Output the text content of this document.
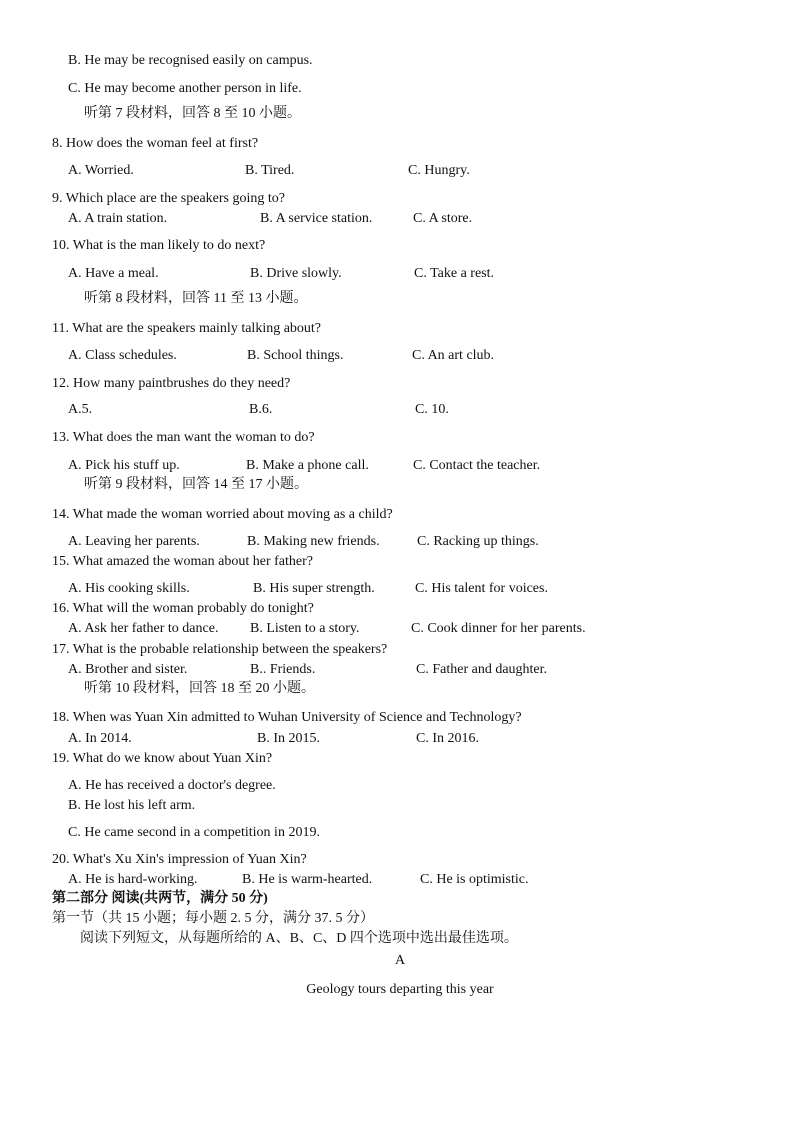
B. He may be recognised easily on campus.
C. He may become another person in life.
听第 7 段材料，回答 8 至 10 小题。
8. How does the woman feel at first?
A. Worried.	B. Tired.	C. Hungry.
9. Which place are the speakers going to?
A. A train station.	B. A service station.	C. A store.
10. What is the man likely to do next?
A. Have a meal.	B. Drive slowly.	C. Take a rest.
听第 8 段材料，回答 11 至 13 小题。
11. What are the speakers mainly talking about?
A. Class schedules.	B. School things.	C. An art club.
12. How many paintbrushes do they need?
A.5.	B.6.	C. 10.
13. What does the man want the woman to do?
A. Pick his stuff up.	B. Make a phone call.	C. Contact the teacher.
听第 9 段材料，回答 14 至 17 小题。
14. What made the woman worried about moving as a child?
A. Leaving her parents.	B. Making new friends.	C. Racking up things.
15. What amazed the woman about her father?
A. His cooking skills.	B. His super strength.	C. His talent for voices.
16. What will the woman probably do tonight?
A. Ask her father to dance. B. Listen to a story.	C. Cook dinner for her parents.
17. What is the probable relationship between the speakers?
A. Brother and sister.	B.. Friends.	C. Father and daughter.
听第 10 段材料，回答 18 至 20 小题。
18. When was Yuan Xin admitted to Wuhan University of Science and Technology?
A. In 2014.	B. In 2015.	C. In 2016.
19. What do we know about Yuan Xin?
A. He has received a doctor's degree.
B. He lost his left arm.
C. He came second in a competition in 2019.
20. What's Xu Xin's impression of Yuan Xin?
A. He is hard-working.	B. He is warm-hearted.	C. He is optimistic.
第二部分 阅读(共两节，满分 50 分)
第一节（共 15 小题；每小题 2. 5 分，满分 37. 5 分）
阅读下列短文，从每题所给的 A、B、C、D 四个选项中选出最佳选项。
A
Geology tours departing this year
